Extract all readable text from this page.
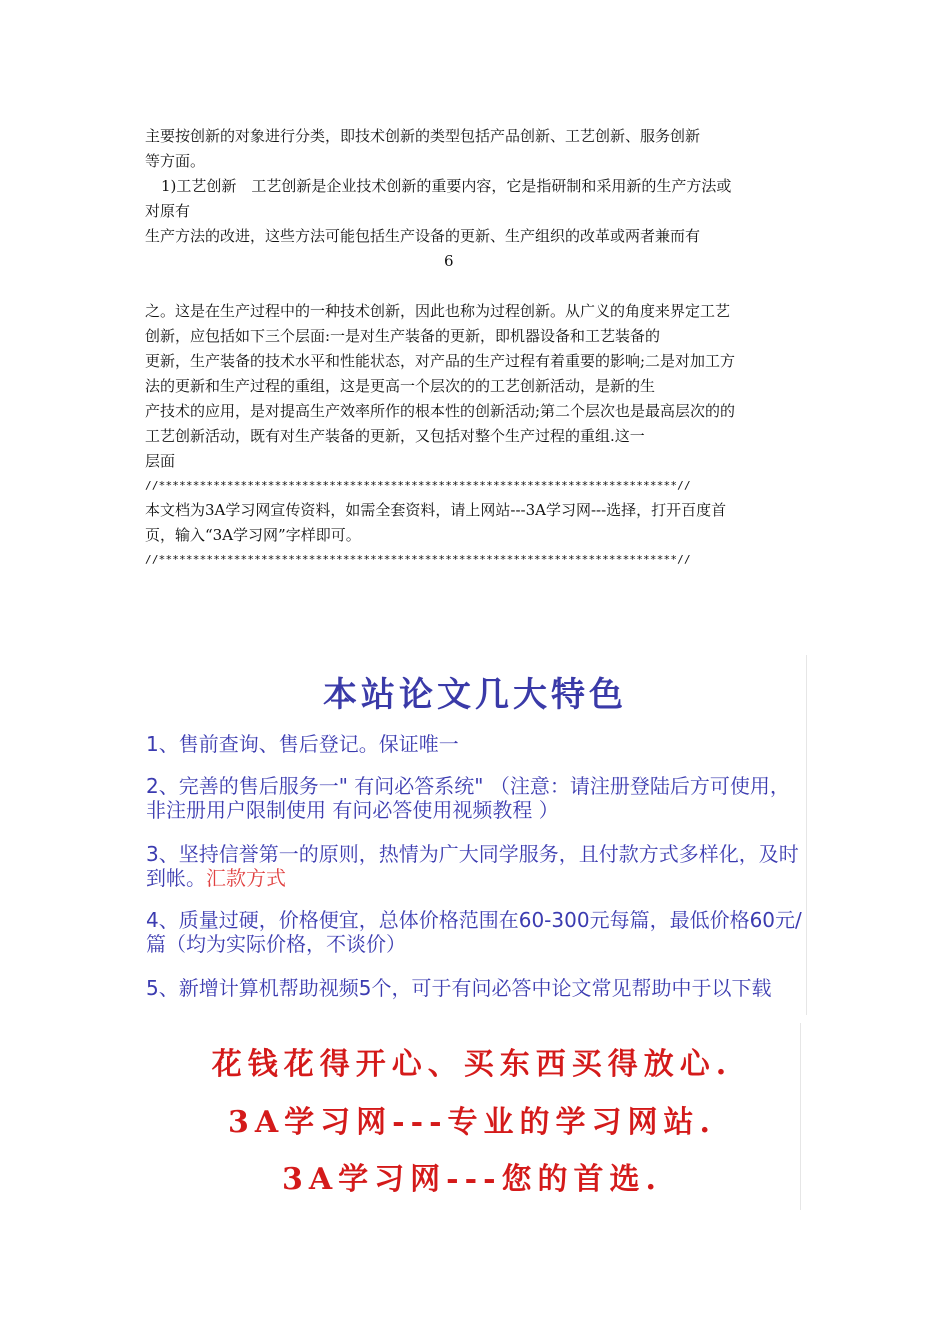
主要按创新的对象进行分类，即技术创新的类型包括产品创新、工艺创新、服务创新
等方面。
1)工艺创新　工艺创新是企业技术创新的重要内容，它是指研制和采用新的生产方法或
对原有
生产方法的改进，这些方法可能包括生产设备的更新、生产组织的改革或两者兼而有
6
之。这是在生产过程中的一种技术创新，因此也称为过程创新。从广义的角度来界定工艺
创新，应包括如下三个层面:一是对生产装备的更新，即机器设备和工艺装备的
更新，生产装备的技术水平和性能状态，对产品的生产过程有着重要的影响;二是对加工方
法的更新和生产过程的重组，这是更高一个层次的的工艺创新活动，是新的生
产技术的应用，是对提高生产效率所作的根本性的创新活动;第二个层次也是最高层次的的
工艺创新活动，既有对生产装备的更新，又包括对整个生产过程的重组.这一
层面
//****************************************************************************//
本文档为3A学习网宣传资料，如需全套资料，请上网站---3A学习网---选择，打开百度首
页，输入“3A学习网”字样即可。
//****************************************************************************//
本站论文几大特色
1、售前查询、售后登记。保证唯一
2、完善的售后服务一" 有问必答系统" （注意：请注册登陆后方可使用，
非注册用户限制使用 有问必答使用视频教程 ）
3、坚持信誉第一的原则，热情为广大同学服务，且付款方式多样化，及时
到帐。汇款方式
4、质量过硬，价格便宜，总体价格范围在60-300元每篇，最低价格60元/
篇（均为实际价格，不谈价）
5、新增计算机帮助视频5个，可于有问必答中论文常见帮助中于以下载
花钱花得开心、买东西买得放心.
3A学习网---专业的学习网站.
3A学习网---您的首选.
